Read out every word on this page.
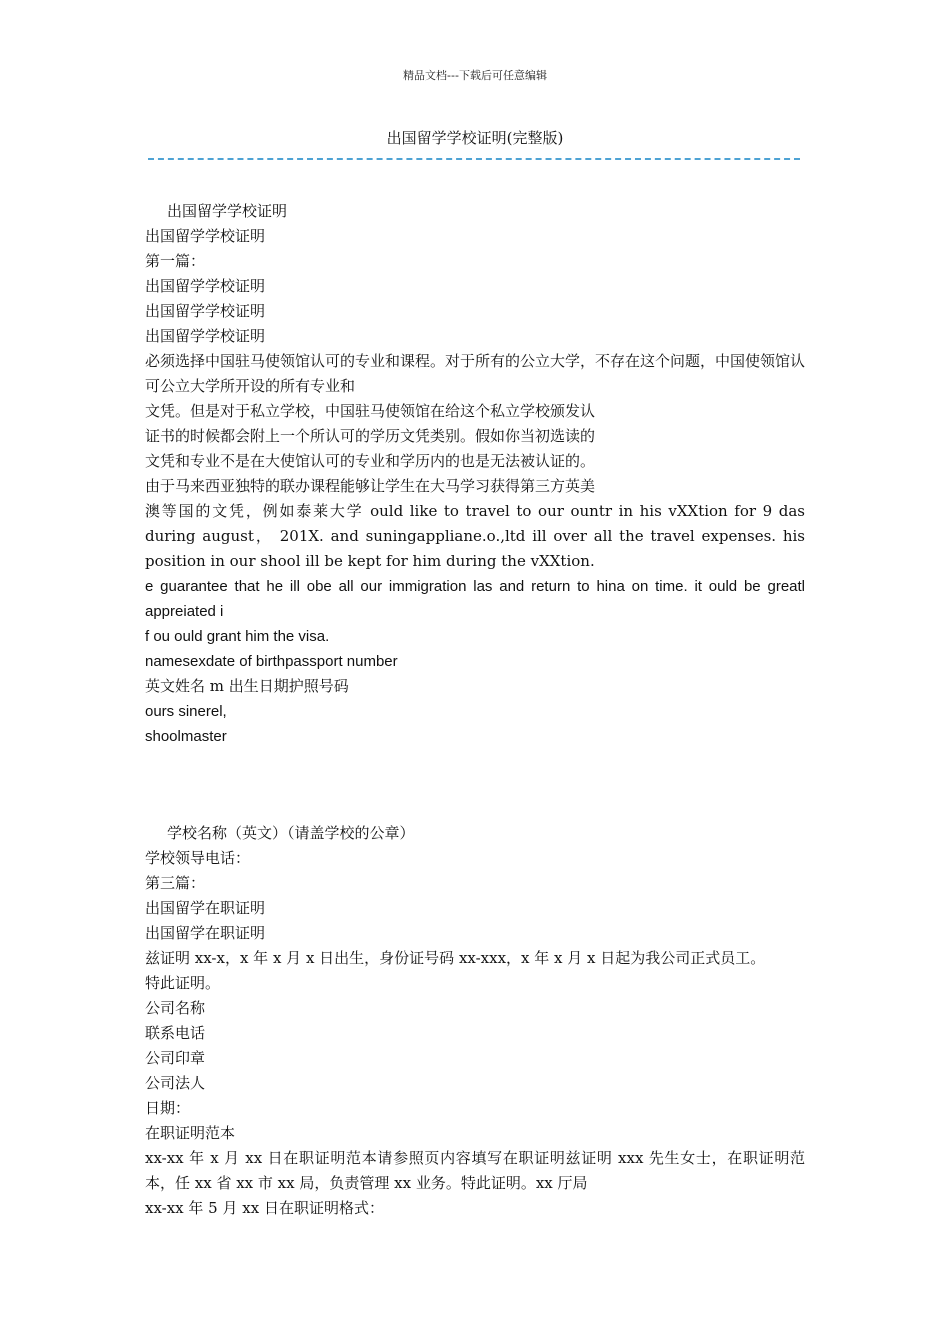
精品文档---下载后可任意编辑
出国留学学校证明(完整版)
出国留学学校证明
出国留学学校证明
第一篇：
出国留学学校证明
出国留学学校证明
出国留学学校证明
必须选择中国驻马使领馆认可的专业和课程。对于所有的公立大学，不存在这个问题，中国使领馆认可公立大学所开设的所有专业和
文凭。但是对于私立学校，中国驻马使领馆在给这个私立学校颁发认
证书的时候都会附上一个所认可的学历文凭类别。假如你当初选读的
文凭和专业不是在大使馆认可的专业和学历内的也是无法被认证的。
由于马来西亚独特的联办课程能够让学生在大马学习获得第三方英美
澳等国的文凭，例如泰莱大学 ould like to travel to our ountr in his vXXtion for 9 das during august， 201X. and suningappliane.o.,ltd ill over all the travel expenses. his position in our shool ill be kept for him during the vXXtion.
e guarantee that he ill obe all our immigration las and return to hina on time. it ould be greatl appreiated i
f ou ould grant him the visa.
namesexdate of birthpassport number
英文姓名 m 出生日期护照号码
ours sinerel,
shoolmaster
学校名称（英文）（请盖学校的公章）
学校领导电话：
第三篇：
出国留学在职证明
出国留学在职证明
兹证明 xx-x，x 年 x 月 x 日出生，身份证号码 xx-xxx，x 年 x 月 x 日起为我公司正式员工。
特此证明。
公司名称
联系电话
公司印章
公司法人
日期：
在职证明范本
xx-xx 年 x 月 xx 日在职证明范本请参照页内容填写在职证明兹证明 xxx 先生女士，在职证明范本，任 xx 省 xx 市 xx 局，负责管理 xx 业务。特此证明。xx 厅局
xx-xx 年 5 月 xx 日在职证明格式：
